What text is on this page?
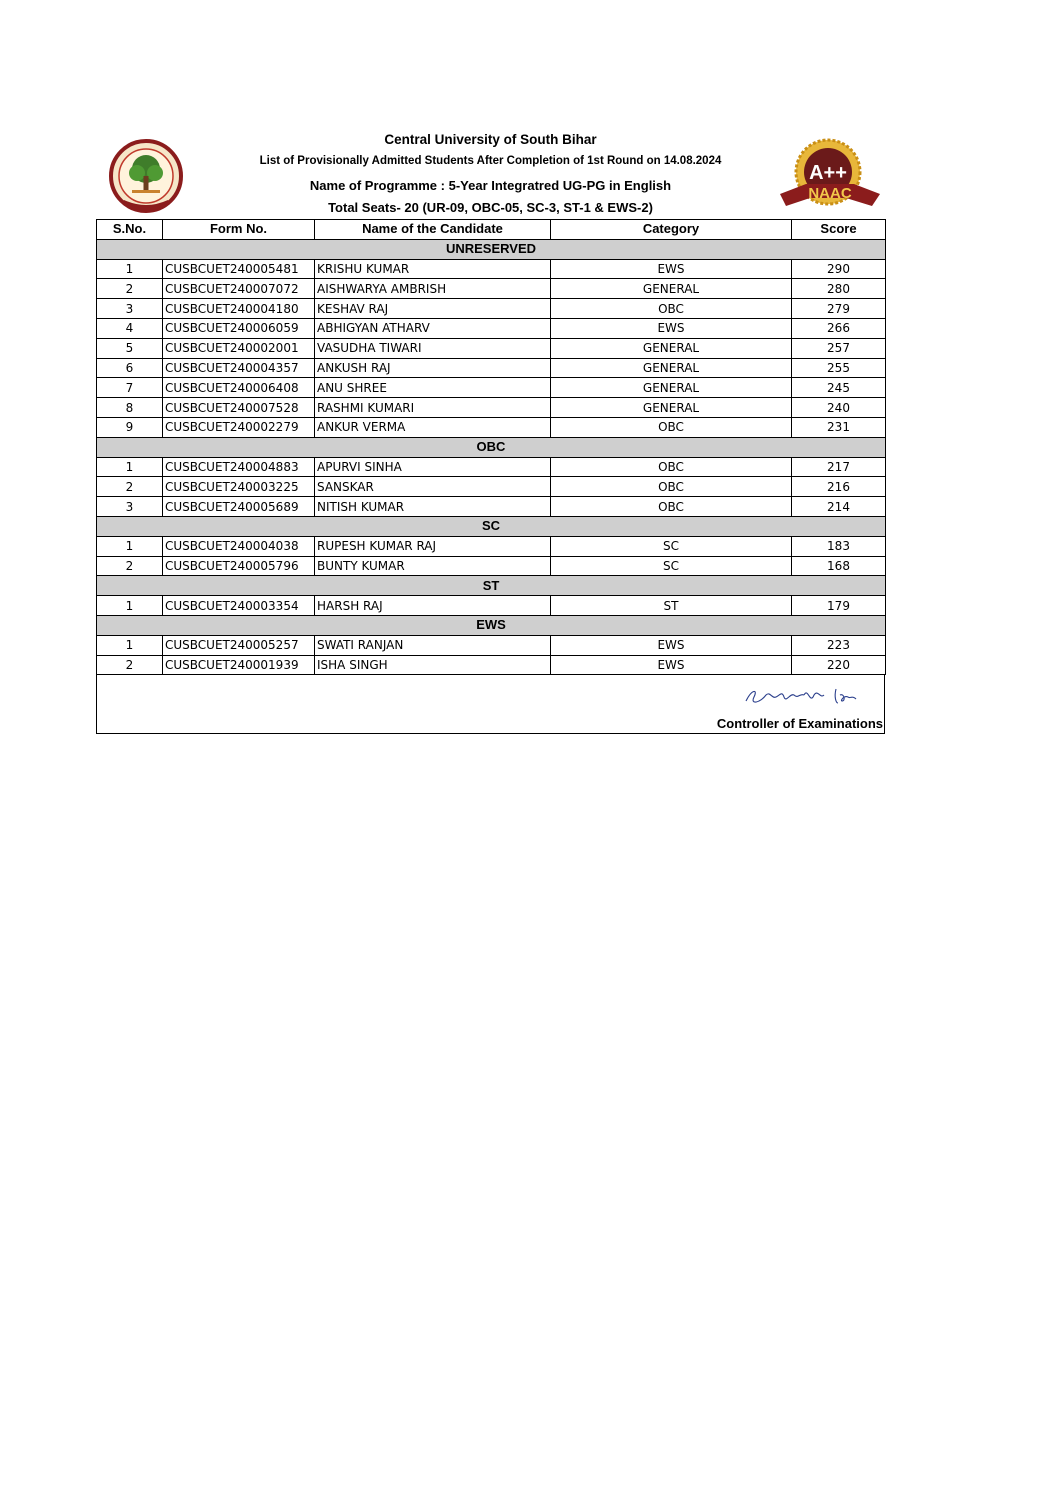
Central University of South Bihar
List of Provisionally Admitted Students After Completion of 1st Round on 14.08.2024
Name of Programme : 5-Year Integratred UG-PG in English
Total Seats- 20 (UR-09, OBC-05, SC-3, ST-1 & EWS-2)
A++
NAAC
S.No.	Form No.	Name of the Candidate	Category	Score
UNRESERVED				
1	CUSBCUET240005481	KRISHU KUMAR	EWS	290
2	CUSBCUET240007072	AISHWARYA AMBRISH	GENERAL	280
3	CUSBCUET240004180	KESHAV RAJ	OBC	279
4	CUSBCUET240006059	ABHIGYAN ATHARV	EWS	266
5	CUSBCUET240002001	VASUDHA TIWARI	GENERAL	257
6	CUSBCUET240004357	ANKUSH RAJ	GENERAL	255
7	CUSBCUET240006408	ANU SHREE	GENERAL	245
8	CUSBCUET240007528	RASHMI KUMARI	GENERAL	240
9	CUSBCUET240002279	ANKUR VERMA	OBC	231
OBC				
1	CUSBCUET240004883	APURVI SINHA	OBC	217
2	CUSBCUET240003225	SANSKAR	OBC	216
3	CUSBCUET240005689	NITISH KUMAR	OBC	214
SC				
1	CUSBCUET240004038	RUPESH KUMAR RAJ	SC	183
2	CUSBCUET240005796	BUNTY KUMAR	SC	168
ST				
1	CUSBCUET240003354	HARSH RAJ	ST	179
EWS				
1	CUSBCUET240005257	SWATI RANJAN	EWS	223
2	CUSBCUET240001939	ISHA SINGH	EWS	220
Controller of Examinations
